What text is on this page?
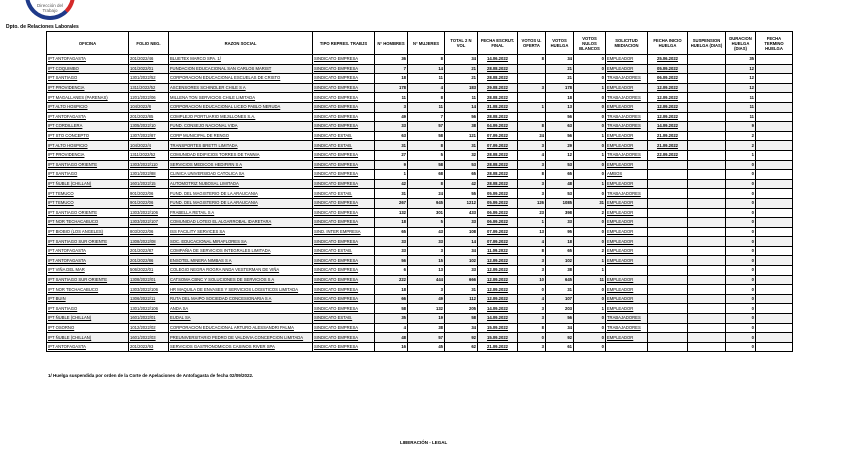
Dirección del Trabajo
Dpto. de Relaciones Laborales
OFICINA	FOLIO NEG.	RAZON SOCIAL	TIPO REPRES. TRABJS	N° HOMBRES	N° MUJERES	TOTAL 2 N VOL	FECHA ESCRUT. FINAL	VOTOS U. OFERTA	VOTOS HUELGA	VOTOS NULOS BLANCOS	SOLICITUD MEDIACION	FECHA INICIO HUELGA	SUSPENSION HUELGA (DIAS)	DURACION HUELGA (DIAS)	FECHA TERMINO HUELGA
IPT ANTOFAGASTA	201/2022/46	BLUETEX MARCO SPA. 1/	SINDICATO EMPRESA	36	8	34	14.06.2022	8	34	0	EMPLEADOR	25.06.2022		35	
IPT COQUIMBO	101/2022/01	FUNDACION EDUCACIONAL SAN CARLOS MARIST	SINDICATO EMPRESA	7	14	21	28.08.2022		21	0	EMPLEADOR	05.09.2022		12	
IPT SANTIAGO	1301/2022/52	CORPORACION EDUCACIONAL ESCUELAS DE CRISTO	SINDICATO EMPRESA	18	11	21	28.08.2022		21	0	TRABAJADORES	06.09.2022		12	
IPT PROVIDENCIA	1311/2022/52	ASCENSORES SCHINDLER CHILE S A	SINDICATO EMPRESA	178	4	183	29.08.2022	3	178	1	EMPLEADOR	12.09.2022		12	
IPT MAGALLANES (PARENAS)	1201/2022/06	MILLENA TON SERVICIOS CHILE LIMITADA	SINDICATO EMPRESA	11	8	11	28.08.2022		18	0	TRABAJADORES	12.09.2022		11	
IPT ALTO HOSPICIO	104/2022/8	CORPORACION EDUCACIONAL LICEO PABLO NERUDA	SINDICATO EMPRESA	3	11	14	31.08.2022	1	13	0	EMPLEADOR	12.09.2022		11	
IPT ANTOFAGASTA	201/2022/85	COMPLEJO PORTUARIO MEJILLONES S.A.	SINDICATO EMPRESA	49	7	56	28.08.2022		56	0	TRABAJADORES	12.09.2022		11	
IPT CORDILLERA	1305/2022/10	FUND. CONSEJO NACIONAL VIDA	SINDICATO EMPRESA	33	57	38	04.09.2022	8	63	0	TRABAJADORES	14.09.2022		9	
IPT STO CONCEPTO	1307/2022/87	CORP MUNICIPAL DE RENGO	SINDICATO ESTAB.	63	58	121	07.09.2022	24	56	1	EMPLEADOR	21.09.2022		2	
IPT ALTO HOSPICIO	104/2022/4	TRANSPORTES BRETTI LIMITADA	SINDICATO ESTAB.	31	8	31	07.09.2022	3	29	0	EMPLEADOR	21.09.2022		2	
IPT PROVIDENCIA	1311/2022/52	COMUNIDAD EDIFICIOS TORRES DE TANNIA	SINDICATO EMPRESA	27	5	32	28.08.2022	4	12	1	TRABAJADORES	22.09.2022		1	
IPT SANTIAGO ORIENTE	1303/2022/110	SERVICIOS MEDICOS HEDIFIRN S A	SINDICATO EMPRESA	9	58	53	28.08.2022	3	53	0	EMPLEADOR			0	
IPT SANTIAGO	1301/2022/88	CLINICA UNIVERSIDAD CATOLICA SA	SINDICATO EMPRESA	1	68	65	28.08.2022	8	65	0	AMBOS			0	
IPT ÑUBLE (CHILLAN)	1601/2022/15	AUTOMOTRIZ NUBOSAL LIMITADA	SINDICATO EMPRESA	42	8	42	28.08.2022	3	48	1	EMPLEADOR			0	
IPT TEMUCO	901/2022/06	FUND. DEL MAGISTERIO DE LA ARAUCANIA	SINDICATO ESTAB.	31	24	55	05.09.2022	3	53	0	TRABAJADORES			0	
IPT TEMUCO	901/2022/06	FUND. DEL MAGISTERIO DE LA ARAUCANIA	SINDICATO EMPRESA	267	945	1212	05.09.2022	126	1085	31	EMPLEADOR			0	
IPT SANTIAGO ORIENTE	1303/2022/106	FRABELLA RETAIL S A	SINDICATO EMPRESA	132	301	433	06.09.2022	23	398	2	EMPLEADOR			0	
IPT NOR TECHACABUCO	1303/2022/107	COMUNIDAD LOTEO EL ALGARROBAL IDARETARA	SINDICATO EMPRESA	18	5	33	06.09.2022	1	33	0	EMPLEADOR			0	
IPT BIOBIO (LOS ANGELES)	803/2022/06	ISS FACILITY SERVICES SA	SIND. INTER EMPRESA	65	43	108	07.09.2022	13	95	0	EMPLEADOR			0	
IPT SANTIAGO SUR ORIENTE	1308/2022/08	SOC. EDUCACIONAL MIRAFLORES SA	SINDICATO EMPRESA	33	33	14	07.09.2022	4	18	0	EMPLEADOR			0	
IPT ANTOFAGASTA	201/2022/87	COMPAÑIA DE SERVICIOS INTEGRALES LIMITADA	SINDICATO ESTAB.	33	3	34	11.09.2022	8	65	2	EMPLEADOR			0	
IPT ANTOFAGASTA	201/2022/86	ENSOTEL MINERA NIMBAS S A	SINDICATO EMPRESA	56	15	102	12.09.2022	3	102	1	EMPLEADOR			0	
IPT VIÑA DEL MAR	506/2022/01	COLEGIO NEGRA ROGRA NNDA VESTERMAN DE VIÑA	SINDICATO EMPRESA	6	13	33	12.09.2022	3	38	1				0	
IPT SANTIAGO SUR ORIENTE	1308/2022/01	CATSOMA CBNC Y SOLUCIONES DE SERVICIOS S A	SINDICATO EMPRESA	222	444	666	12.09.2022	10	645	11	EMPLEADOR			0	
IPT NOR TECHACABUCO	1303/2022/106	HR MAQUILA DE ENVASES Y SERVICIOS LOGISTICOS LIMITADA	SINDICATO EMPRESA	18	3	31	12.09.2022	0	31	0	EMPLEADOR			0	
IPT BUIN	1306/2022/11	RUTA DEL MAIPO SOCIEDAD CONCESIONARIA S A	SINDICATO EMPRESA	66	49	112	12.09.2022	4	107	0	EMPLEADOR			0	
IPT SANTIAGO	1301/2022/106	ANDA SA	SINDICATO EMPRESA	58	132	205	14.09.2022	3	203	1	EMPLEADOR			0	
IPT ÑUBLE (CHILLAN)	1601/2022/01	EUDAL SA	SINDICATO ESTAB.	35	19	58	14.09.2022	3	56	0	TRABAJADORES			0	
IPT OSORNO	1012/2022/02	CORPORACION EDUCACIONAL ARTURO ALESSANDRI PALMA	SINDICATO EMPRESA	4	38	34	15.09.2022	8	34	0	TRABAJADORES			0	
IPT ÑUBLE (CHILLAN)	1601/2022/03	PREUNIVERSITARIO PEDRO DE VALDIVIA CONCEPCION LIMITADA	SINDICATO EMPRESA	48	57	92	15.09.2022	0	92	0	EMPLEADOR			0	
IPT ANTOFAGASTA	201/2022/93	SERVICIOS GASTRONOMICOS CASINOS RIVER SPA	SINDICATO EMPRESA	16	45	62	21.09.2022	3	61	0				0	
1/ Huelga suspendida por orden de la Corte de Apelaciones de Antofagasta de fecha 02/09/2022.
LIBERACIÓN - LEGAL
